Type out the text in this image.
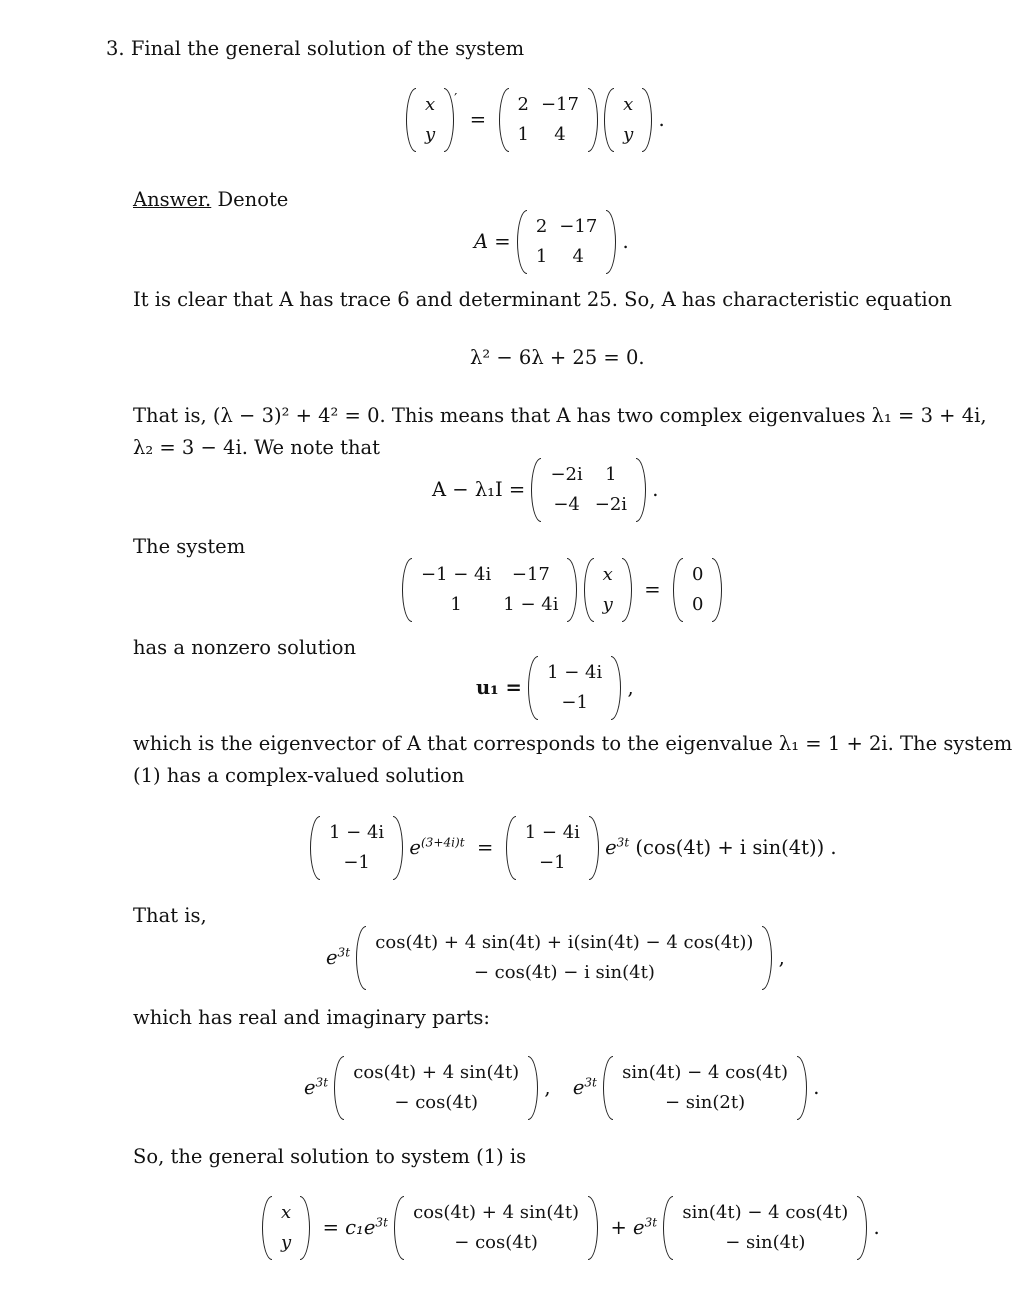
3. Final the general solution of the system
x
y
′  =
2	−17
1	4

x
y
.
Answer. Denote
A =
2	−17
1	4
.
It is clear that A has trace 6 and determinant 25. So, A has characteristic equation
λ² − 6λ + 25 = 0.
That is, (λ − 3)² + 4² = 0. This means that A has two complex eigenvalues λ₁ = 3 + 4i,
λ₂ = 3 − 4i. We note that
A − λ₁I =
−2i	1
−4	−2i
.
The system
−1 − 4i	−17
1	1 − 4i

x
y
=
0
0
has a nonzero solution
u₁ =
1 − 4i
−1
,
which is the eigenvector of A that corresponds to the eigenvalue λ₁ = 1 + 2i. The system
(1) has a complex-valued solution
1 − 4i
−1
$e^{(3+4i)t}$  =
1 − 4i
−1
$e^{3t}$ (cos(4t) + i sin(4t)) .
That is,
$e^{3t}$ cos(4t) + 4 sin(4t) + i(sin(4t) − 4 cos(4t))
− cos(4t) − i sin(4t)
,
which has real and imaginary parts:
$e^{3t}$ cos(4t) + 4 sin(4t)
− cos(4t)
, $e^{3t}$ sin(4t) − 4 cos(4t)
− sin(2t)
.
So, the general solution to system (1) is
x
y
= $c_1e^{3t}$ cos(4t) + 4 sin(4t)
− cos(4t)
+ $e^{3t}$ sin(4t) − 4 cos(4t)
− sin(4t)
.
